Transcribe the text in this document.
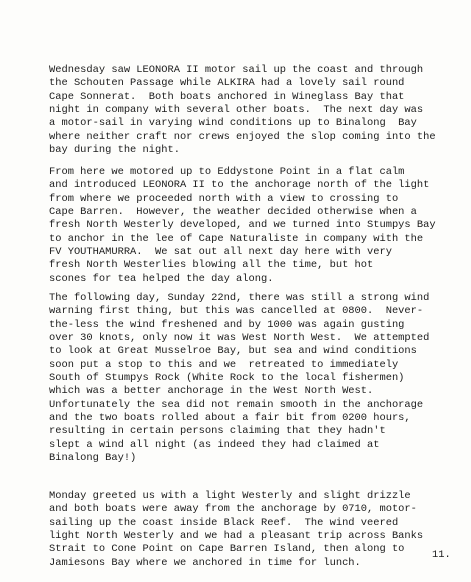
Wednesday saw LEONORA II motor sail up the coast and through
the Schouten Passage while ALKIRA had a lovely sail round
Cape Sonnerat.  Both boats anchored in Wineglass Bay that
night in company with several other boats.  The next day was
a motor-sail in varying wind conditions up to Binalong  Bay
where neither craft nor crews enjoyed the slop coming into the
bay during the night.

From here we motored up to Eddystone Point in a flat calm
and introduced LEONORA II to the anchorage north of the light
from where we proceeded north with a view to crossing to
Cape Barren.  However, the weather decided otherwise when a
fresh North Westerly developed, and we turned into Stumpys Bay
to anchor in the lee of Cape Naturaliste in company with the
FV YOUTHAMURRA.  We sat out all next day here with very
fresh North Westerlies blowing all the time, but hot
scones for tea helped the day along.

The following day, Sunday 22nd, there was still a strong wind
warning first thing, but this was cancelled at 0800.  Never-
the-less the wind freshened and by 1000 was again gusting
over 30 knots, only now it was West North West.  We attempted
to look at Great Musselroe Bay, but sea and wind conditions
soon put a stop to this and we  retreated to immediately
South of Stumpys Rock (White Rock to the local fishermen)
which was a better anchorage in the West North West.
Unfortunately the sea did not remain smooth in the anchorage
and the two boats rolled about a fair bit from 0200 hours,
resulting in certain persons claiming that they hadn't
slept a wind all night (as indeed they had claimed at
Binalong Bay!)

Monday greeted us with a light Westerly and slight drizzle
and both boats were away from the anchorage by 0710, motor-
sailing up the coast inside Black Reef.  The wind veered
light North Westerly and we had a pleasant trip across Banks
Strait to Cone Point on Cape Barren Island, then along to
Jamiesons Bay where we anchored in time for lunch.

11.
